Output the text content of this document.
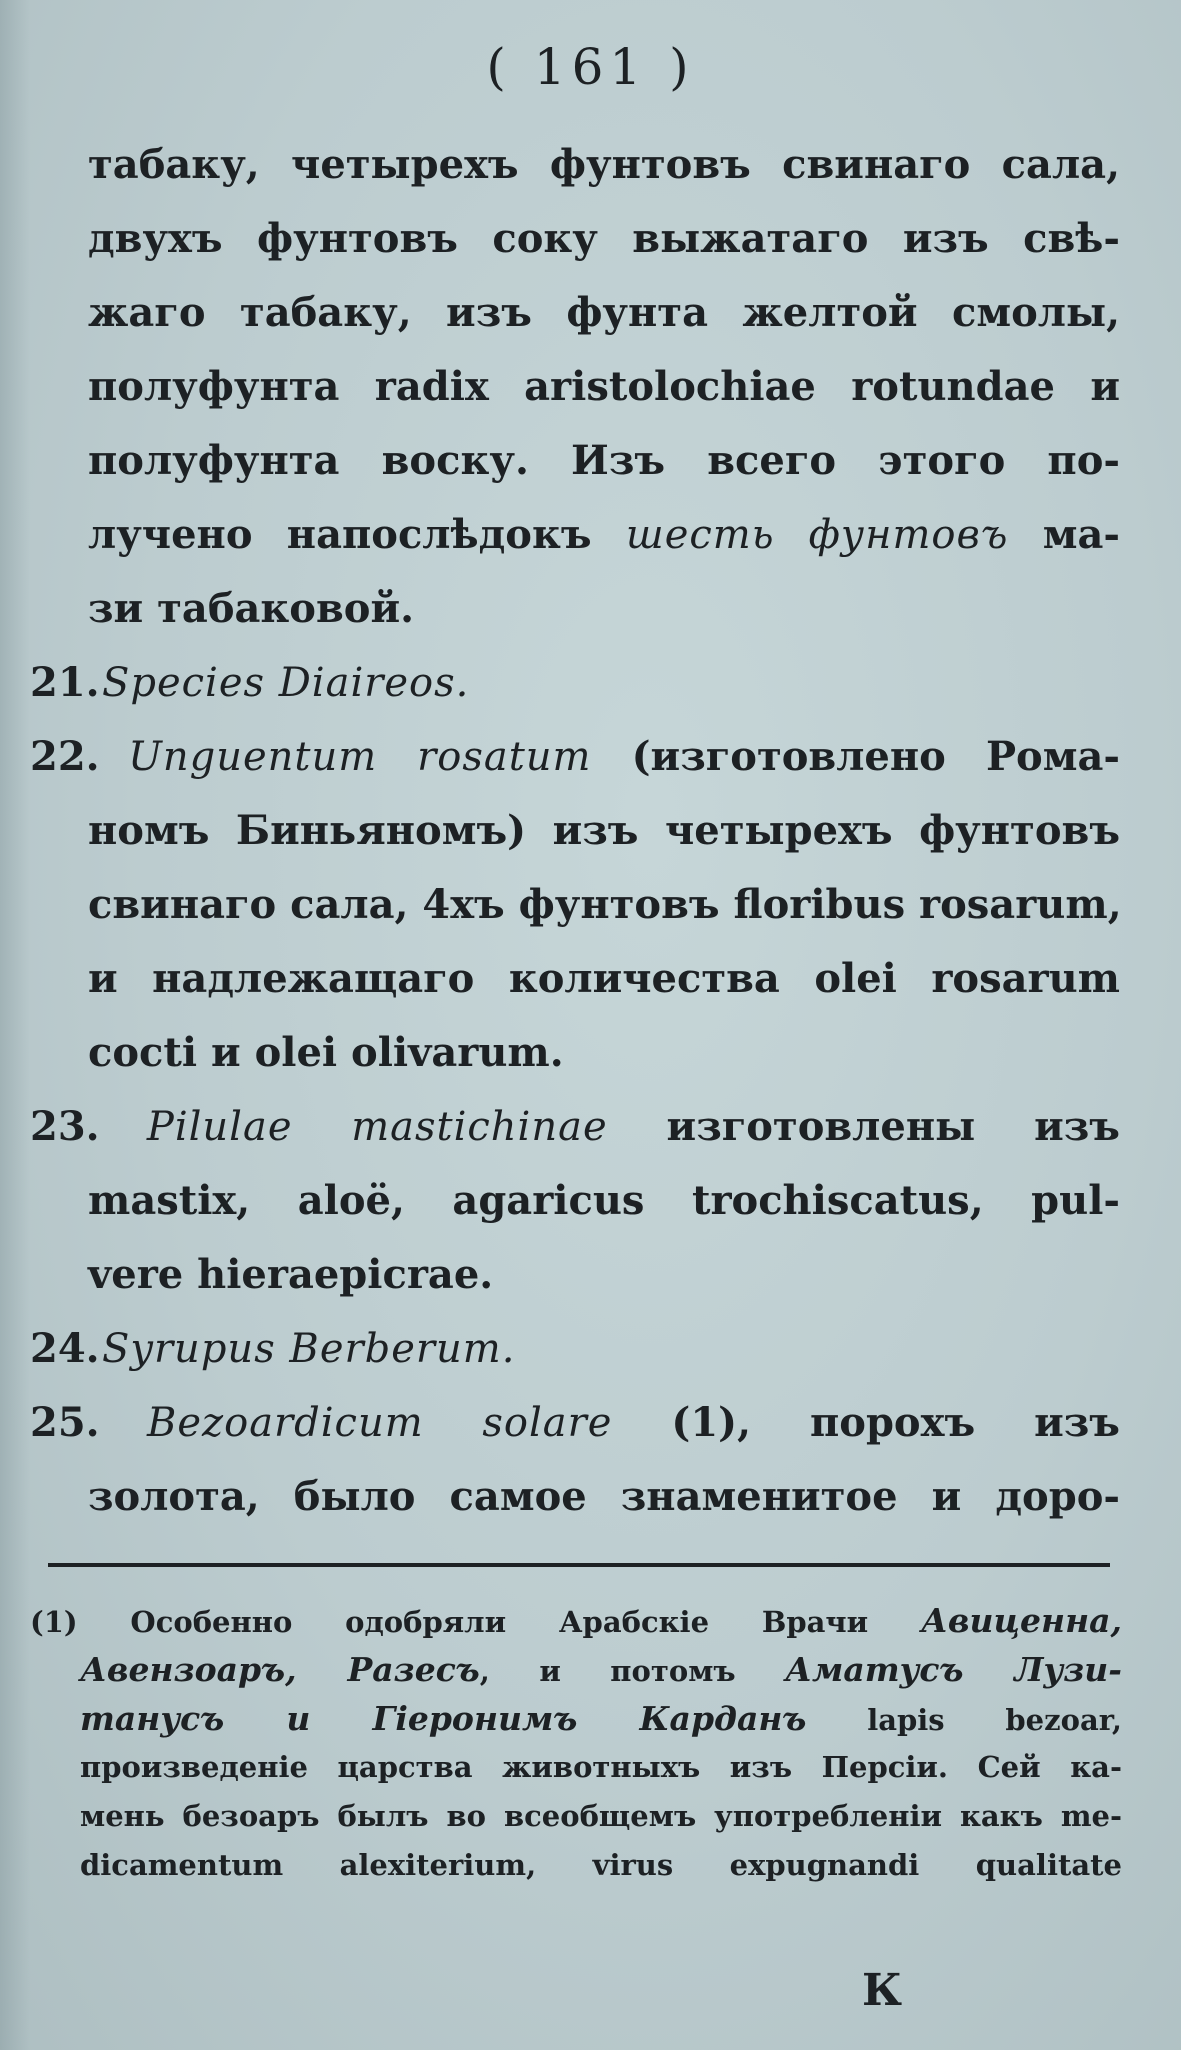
( 161 )
табаку, четырехъ фунтовъ свинаго сала,
двухъ фунтовъ соку выжатаго изъ свѣ-
жаго табаку, изъ фунта желтой смолы,
полуфунта radix aristolochiae rotundae и
полуфунта воску. Изъ всего этого по-
лучено напослѣдокъ шесть фунтовъ ма-
зи табаковой.
21. Species Diaireos.
22. Unguentum rosatum (изготовлено Рома-
номъ Биньяномъ) изъ четырехъ фунтовъ
свинаго сала, 4хъ фунтовъ floribus rosarum,
и надлежащаго количества olei rosarum
cocti и olei olivarum.
23. Pilulae mastichinae изготовлены изъ
mastix, aloë, agaricus trochiscatus, pul-
vere hieraepicrae.
24. Syrupus Berberum.
25. Bezoardicum solare (1), порохъ изъ
золота, было самое знаменитое и доро-
(1) Особенно одобряли Арабскіе Врачи Авиценна,
Авензоаръ, Разесъ, и потомъ Аматусъ Лузи-
танусъ и Гіеронимъ Карданъ lapis bezoar,
произведеніе царства животныхъ изъ Персіи. Сей ка-
мень безоаръ былъ во всеобщемъ употребленіи какъ me-
dicamentum alexiterium, virus expugnandi qualitate
К
